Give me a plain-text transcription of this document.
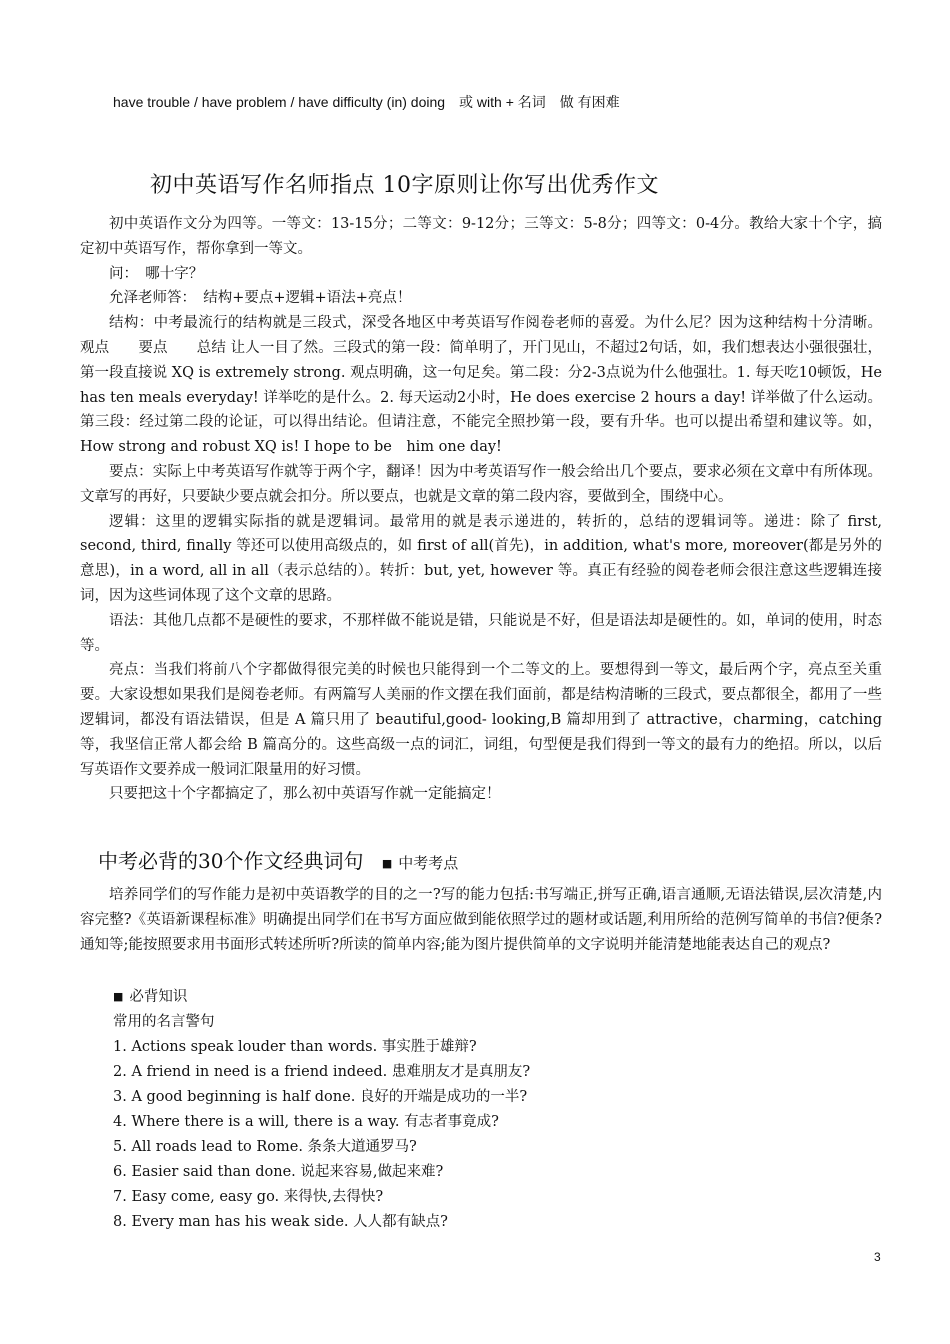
have trouble / have problem / have difficulty (in) doing　或 with + 名词　做 有困难
初中英语写作名师指点 10字原则让你写出优秀作文

初中英语作文分为四等。一等文：13-15分；二等文：9-12分；三等文：5-8分；四等文：0-4分。教给大家十个字，搞定初中英语写作，帮你拿到一等文。

问：　哪十字？

允泽老师答：　结构+要点+逻辑+语法+亮点！

结构：中考最流行的结构就是三段式，深受各地区中考英语写作阅卷老师的喜爱。为什么尼？因为这种结构十分清晰。 观点　　要点　　总结 让人一目了然。三段式的第一段：简单明了，开门见山，不超过2句话，如，我们想表达小强很强壮，第一段直接说 XQ is extremely strong. 观点明确，这一句足矣。第二段：分2-3点说为什么他强壮。1. 每天吃10顿饭，He has ten meals everyday! 详举吃的是什么。2. 每天运动2小时，He does exercise 2 hours a day! 详举做了什么运动。第三段：经过第二段的论证，可以得出结论。但请注意，不能完全照抄第一段，要有升华。也可以提出希望和建议等。如，How strong and robust XQ is! I hope to be　him one day!

要点：实际上中考英语写作就等于两个字，翻译！因为中考英语写作一般会给出几个要点，要求必须在文章中有所体现。文章写的再好，只要缺少要点就会扣分。所以要点，也就是文章的第二段内容，要做到全，围绕中心。

逻辑：这里的逻辑实际指的就是逻辑词。最常用的就是表示递进的，转折的，总结的逻辑词等。递进：除了 first, second, third, finally 等还可以使用高级点的，如 first of all(首先)，in addition, what's more, moreover(都是另外的意思)，in a word, all in all（表示总结的）。转折：but, yet, however 等。真正有经验的阅卷老师会很注意这些逻辑连接词，因为这些词体现了这个文章的思路。

语法：其他几点都不是硬性的要求，不那样做不能说是错，只能说是不好，但是语法却是硬性的。如，单词的使用，时态等。

亮点：当我们将前八个字都做得很完美的时候也只能得到一个二等文的上。要想得到一等文，最后两个字，亮点至关重要。大家设想如果我们是阅卷老师。有两篇写人美丽的作文摆在我们面前，都是结构清晰的三段式，要点都很全，都用了一些逻辑词，都没有语法错误，但是 A 篇只用了 beautiful,good- looking,B 篇却用到了 attractive，charming，catching 等，我坚信正常人都会给 B 篇高分的。这些高级一点的词汇，词组，句型便是我们得到一等文的最有力的绝招。所以，以后写英语作文要养成一般词汇限量用的好习惯。

只要把这十个字都搞定了，那么初中英语写作就一定能搞定！

中考必背的30个作文经典词句 ■ 中考考点

培养同学们的写作能力是初中英语教学的目的之一?写的能力包括:书写端正,拼写正确,语言通顺,无语法错误,层次清楚,内容完整?《英语新课程标准》明确提出同学们在书写方面应做到能依照学过的题材或话题,利用所给的范例写简单的书信?便条?通知等;能按照要求用书面形式转述所听?所读的简单内容;能为图片提供简单的文字说明并能清楚地能表达自己的观点?

■ 必背知识
常用的名言警句
1. Actions speak louder than words. 事实胜于雄辩?
2. A friend in need is a friend indeed. 患难朋友才是真朋友?
3. A good beginning is half done. 良好的开端是成功的一半?
4. Where there is a will, there is a way. 有志者事竟成?
5. All roads lead to Rome. 条条大道通罗马?
6. Easier said than done. 说起来容易,做起来难?
7. Easy come, easy go. 来得快,去得快?
8. Every man has his weak side. 人人都有缺点?
3
